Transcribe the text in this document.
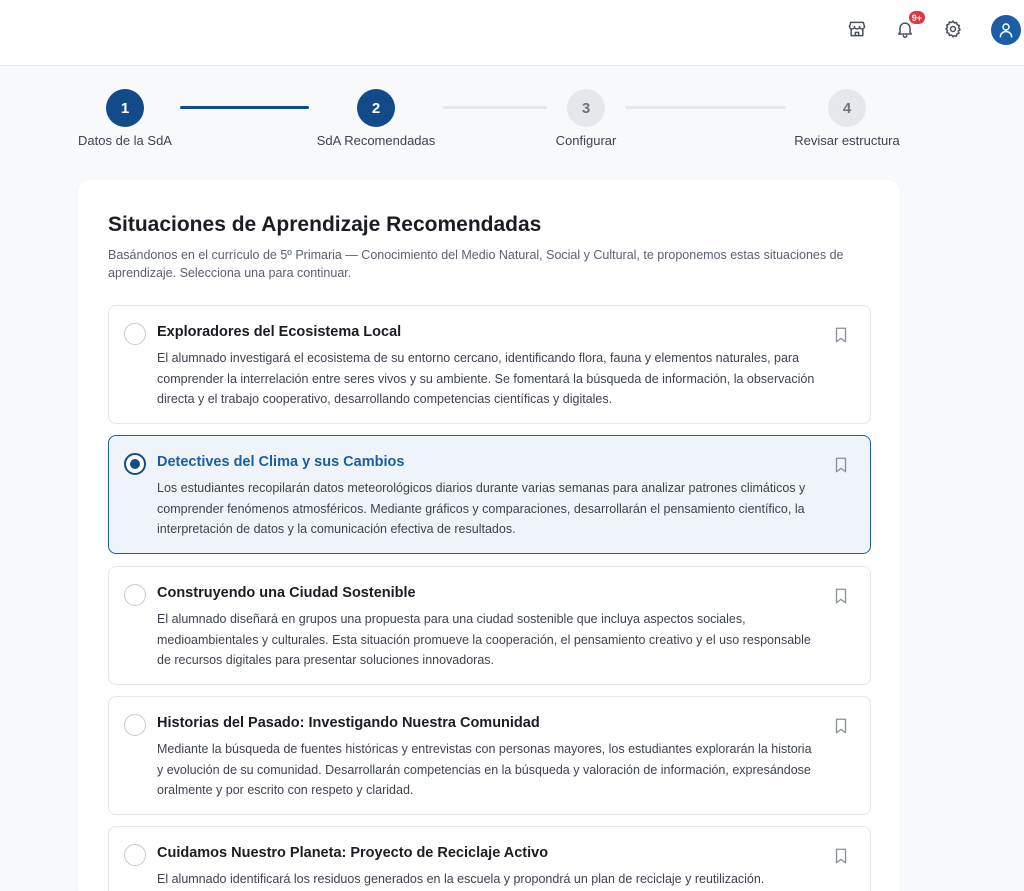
9+
1	2	3	4
Datos de la SdA	SdA Recomendadas	Configurar	Revisar estructura
Situaciones de Aprendizaje Recomendadas

Basándonos en el currículo de 5º Primaria — Conocimiento del Medio Natural, Social y Cultural, te proponemos estas situaciones de aprendizaje. Selecciona una para continuar.

Exploradores del Ecosistema Local
El alumnado investigará el ecosistema de su entorno cercano, identificando flora, fauna y elementos naturales, para comprender la interrelación entre seres vivos y su ambiente. Se fomentará la búsqueda de información, la observación directa y el trabajo cooperativo, desarrollando competencias científicas y digitales.
Detectives del Clima y sus Cambios
Los estudiantes recopilarán datos meteorológicos diarios durante varias semanas para analizar patrones climáticos y comprender fenómenos atmosféricos. Mediante gráficos y comparaciones, desarrollarán el pensamiento científico, la interpretación de datos y la comunicación efectiva de resultados.
Construyendo una Ciudad Sostenible
El alumnado diseñará en grupos una propuesta para una ciudad sostenible que incluya aspectos sociales, medioambientales y culturales. Esta situación promueve la cooperación, el pensamiento creativo y el uso responsable de recursos digitales para presentar soluciones innovadoras.
Historias del Pasado: Investigando Nuestra Comunidad
Mediante la búsqueda de fuentes históricas y entrevistas con personas mayores, los estudiantes explorarán la historia y evolución de su comunidad. Desarrollarán competencias en la búsqueda y valoración de información, expresándose oralmente y por escrito con respeto y claridad.
Cuidamos Nuestro Planeta: Proyecto de Reciclaje Activo
El alumnado identificará los residuos generados en la escuela y propondrá un plan de reciclaje y reutilización.
